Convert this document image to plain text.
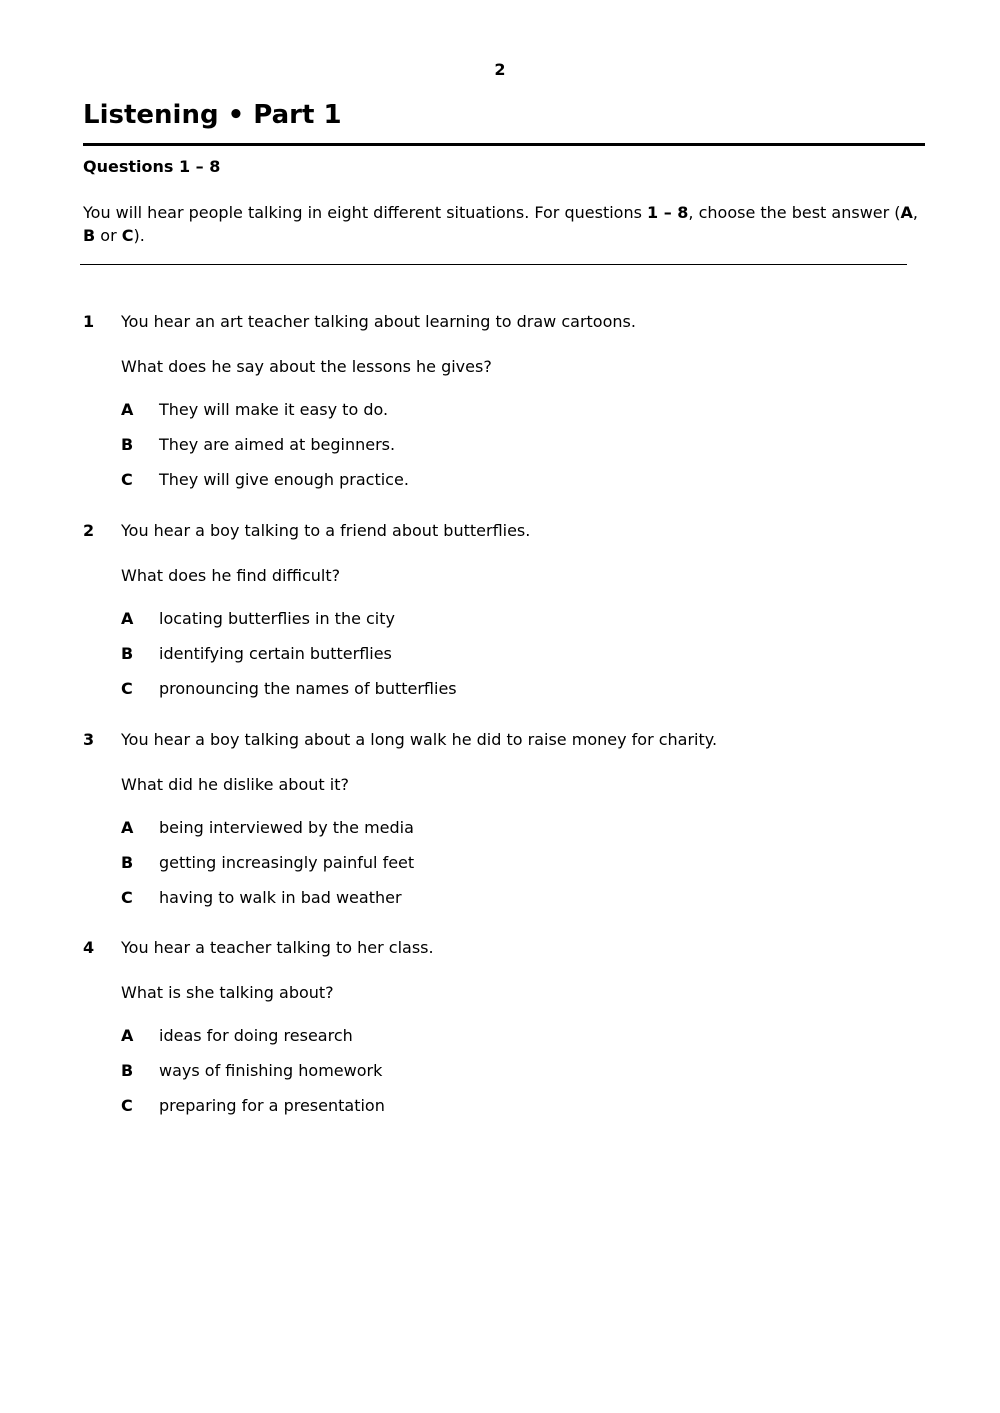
2
Listening • Part 1
Questions 1 – 8
You will hear people talking in eight different situations. For questions 1 – 8, choose the best answer (A, B or C).
1 You hear an art teacher talking about learning to draw cartoons.
What does he say about the lessons he gives?
A They will make it easy to do.
B They are aimed at beginners.
C They will give enough practice.
2 You hear a boy talking to a friend about butterflies.
What does he find difficult?
A locating butterflies in the city
B identifying certain butterflies
C pronouncing the names of butterflies
3 You hear a boy talking about a long walk he did to raise money for charity.
What did he dislike about it?
A being interviewed by the media
B getting increasingly painful feet
C having to walk in bad weather
4 You hear a teacher talking to her class.
What is she talking about?
A ideas for doing research
B ways of finishing homework
C preparing for a presentation
